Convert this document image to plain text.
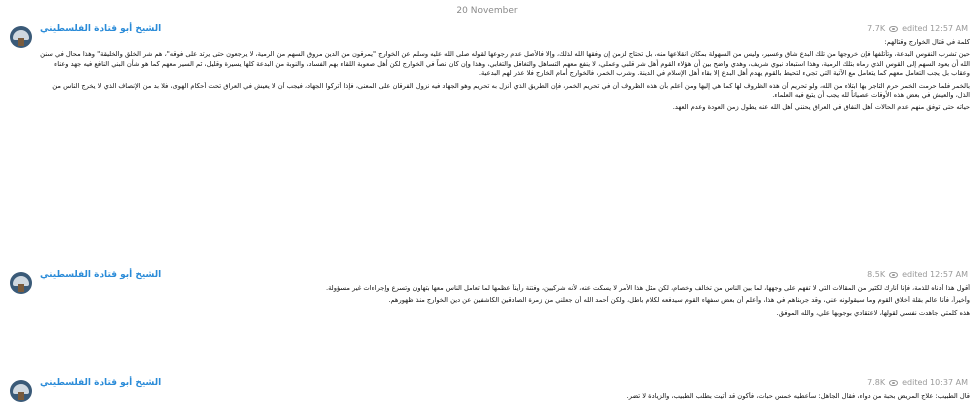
20 November
الشيخ أبو قتادة الفلسطيني	7.7K edited 12:57 AM

كلمة في قتال الخوارج وقتالهم:

حين تشرب النفوس البدعة، وتأتلفها فإن خروجها من تلك البدع شاق وعسير، وليس من السهولة بمكان انقلاعها منه، بل تحتاج لزمن إن وفقها الله لذلك، وإلا فالأصل عدم رجوعها لقوله صلى الله عليه وسلم عن الخوارج "يمرقون من الدين مروق السهم من الرمية، لا يرجعون حتى يرتد على فوقه"، هم شر الخلق والخليقة" وهذا محال في سنن الله أن يعود السهم إلى القوس الذي رماه بتلك الرمية، وهذا استبعاد نبوي شريف، وهدي واضح بين أن هؤلاء القوم أهل شر قلبي وعملي، لا ينفع معهم التساهل والتغافل والتغابي، وهذا وإن كان نصاً في الخوارج لكن أهل صعوبة اللقاء بهم الفساد، والنوبة من البدعة كلها يسيرة وقليل، ثم السير معهم كما هو شأن البني النافع فيه جهد وعناء وعقاب بل يجب التعامل معهم كما يتعامل مع الآتية التي تجيء لتحيط بالقوم يهدم أهل البدع إلا بقاء أهل الإسلام في الدينة. وشرب الخمر، فالخوارج أمام الخارج فلا عذر لهم البدعية.

بالخمر فلما حرمت الخمر حرم التاجر بها ابتلاء من الله، ولو تحريم أن هذه الظروف لها كما هي إليها ومن أعلم بأن هذه الظروف أن في تحريم الخمر، فإن الطريق الذي أنزل به تحريم وهو الجهاد فيه نزول الفرقان على المعنى، فإذا أتركوا الجهاد، فيجب أن لا يعيش في العراق تحت أحكام الهوى، فلا بد من الإنصاف الذي لا يخرج الناس من الذل، والعيش في بعض هذه الأوقات عصياناً لله يجب أن يتبع فيه العلماء.

حياته حتى توفق منهم عدم الحالات أهل النفاق في العراق يحنني أهل الله عنه يطول زمن العودة وعدم العهد.

الشيخ أبو قتادة الفلسطيني	8.5K edited 12:57 AM

أقول هذا أدناه للذمة، فإنا أنارك لكثير من المقالات التي لا تفهم على وجهها، لما بين الناس من تخالف وخصام، لكن مثل هذا الأمر لا يسكت عنه، لأنه شركيين، وفتنة رأيناً عظمها لما تعامل الناس معها بتهاون وتسرع وإجراءات غير مسؤولة.

وأخيراً، فأنا عالم بقلة أخلاق القوم وما سيقولونه عني، وقد جربناهم في هذا، وأعلم أن بعض سفهاء القوم سيدفعه لكلام باطل، ولكن أحمد الله أن جعلني من زمرة الصادقين الكاشفين عن دين الخوارج منذ ظهورهم.

هذه كلمتي جاهدت نفسي لقولها، لاعتقادي بوجوبها علي، والله الموفق.

الشيخ أبو قتادة الفلسطيني	7.8K edited 10:37 AM

قال الطبيب: علاج المريض بحبة من دواء، فقال الجاهل: سأعطيه خمس حبات، فأكون قد أتيت بطلب الطبيب، والزيادة لا تضر.
